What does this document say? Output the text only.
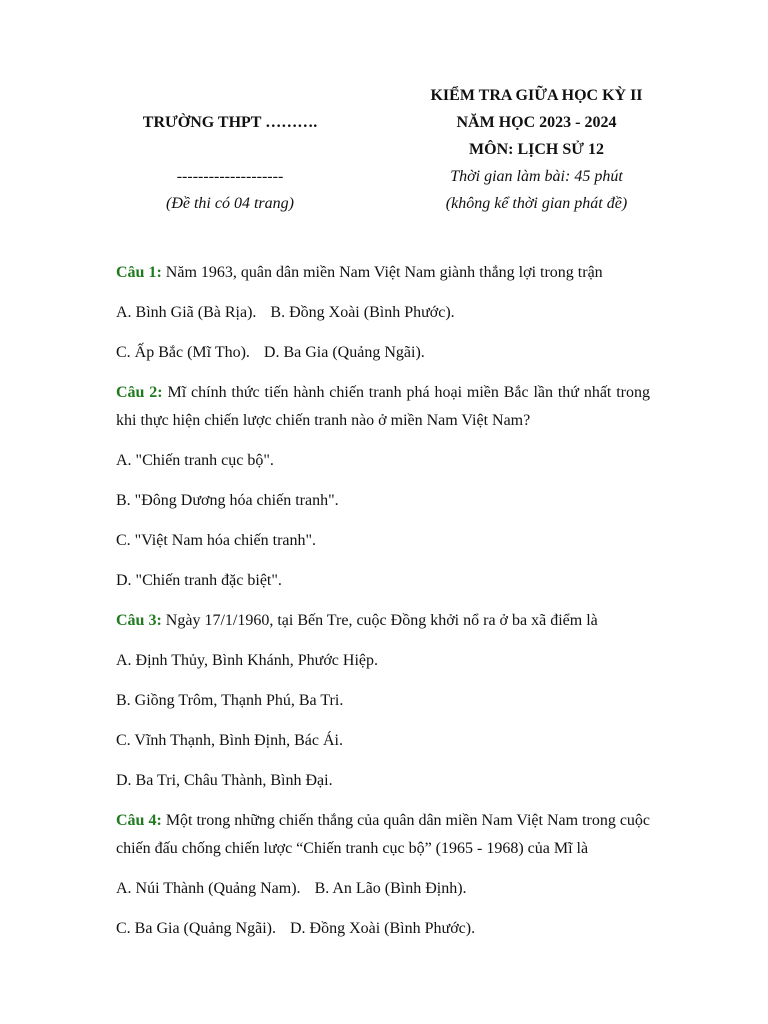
TRƯỜNG THPT ……….
--------------------
(Đề thi có 04 trang)
KIỂM TRA GIỮA HỌC KỲ II
NĂM HỌC 2023 - 2024
MÔN: LỊCH SỬ 12
Thời gian làm bài: 45 phút
(không kể thời gian phát đề)

Câu 1: Năm 1963, quân dân miền Nam Việt Nam giành thắng lợi trong trận

A. Bình Giã (Bà Rịa). B. Đồng Xoài (Bình Phước).

C. Ấp Bắc (Mĩ Tho). D. Ba Gia (Quảng Ngãi).

Câu 2: Mĩ chính thức tiến hành chiến tranh phá hoại miền Bắc lần thứ nhất trong khi thực hiện chiến lược chiến tranh nào ở miền Nam Việt Nam?

A. "Chiến tranh cục bộ".

B. "Đông Dương hóa chiến tranh".

C. "Việt Nam hóa chiến tranh".

D. "Chiến tranh đặc biệt".

Câu 3: Ngày 17/1/1960, tại Bến Tre, cuộc Đồng khởi nổ ra ở ba xã điểm là

A. Định Thủy, Bình Khánh, Phước Hiệp.

B. Giồng Trôm, Thạnh Phú, Ba Tri.

C. Vĩnh Thạnh, Bình Định, Bác Ái.

D. Ba Tri, Châu Thành, Bình Đại.

Câu 4: Một trong những chiến thắng của quân dân miền Nam Việt Nam trong cuộc chiến đấu chống chiến lược “Chiến tranh cục bộ” (1965 - 1968) của Mĩ là

A. Núi Thành (Quảng Nam). B. An Lão (Bình Định).

C. Ba Gia (Quảng Ngãi). D. Đồng Xoài (Bình Phước).
